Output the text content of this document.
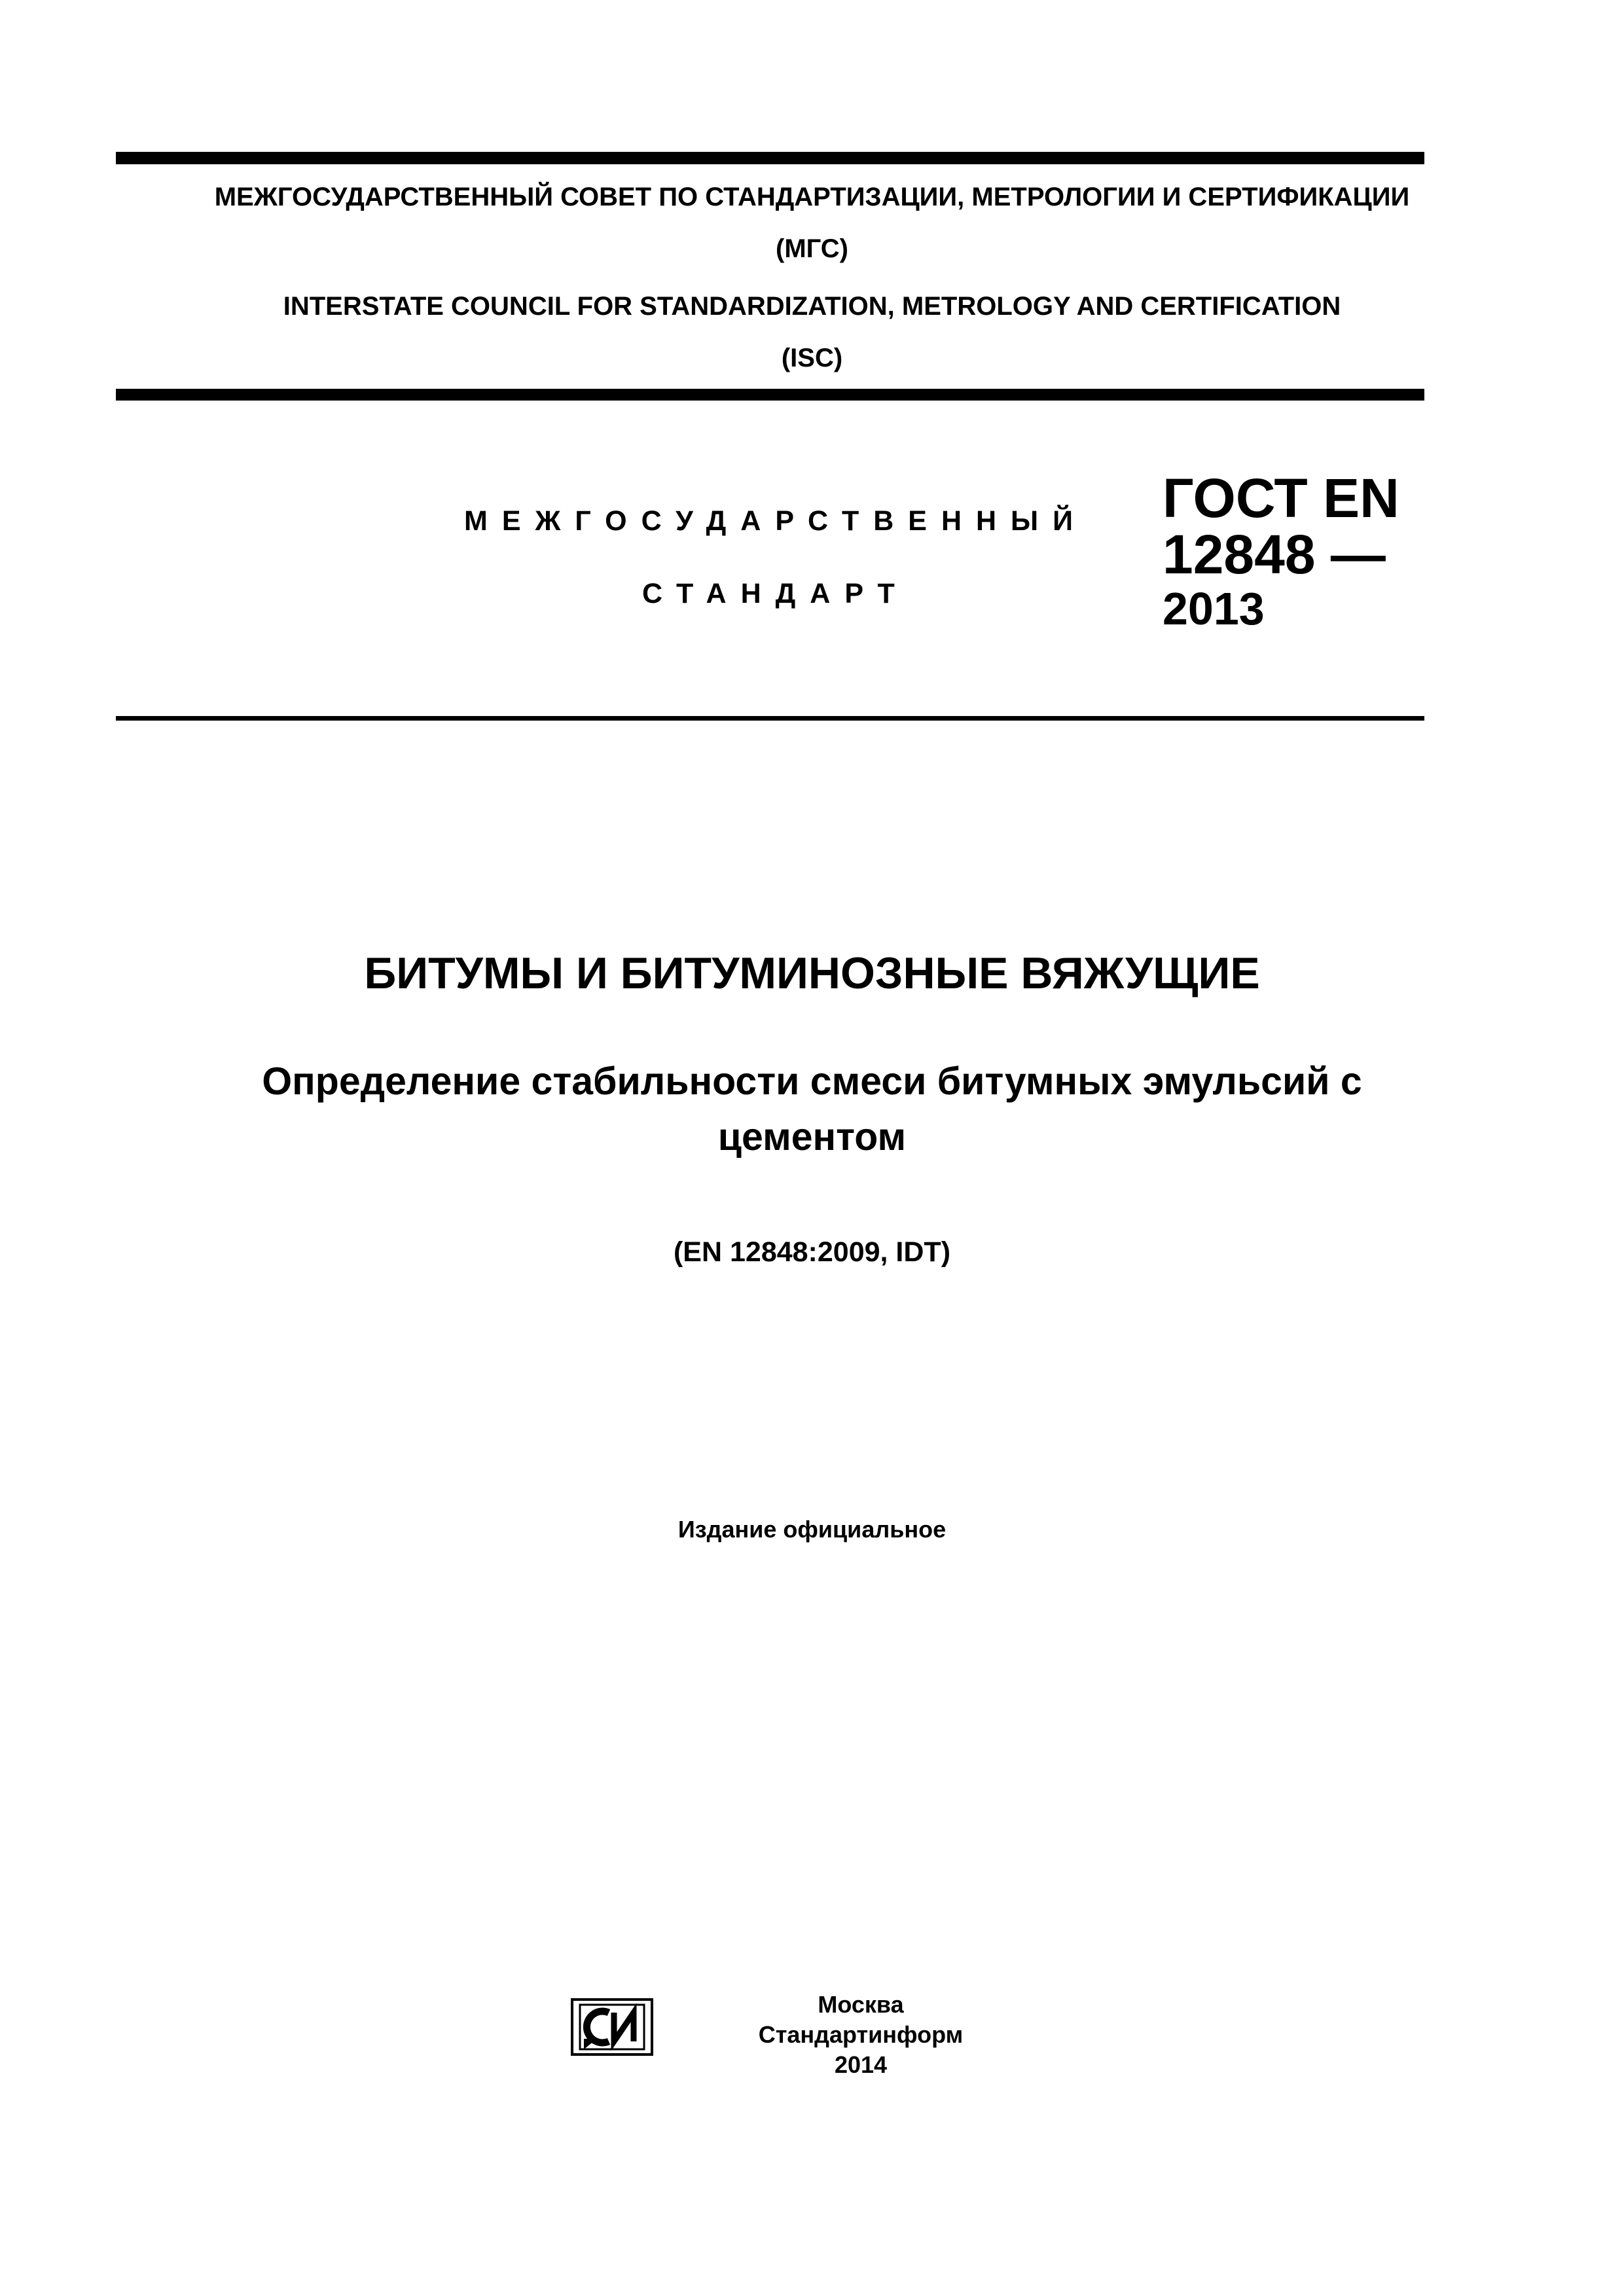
МЕЖГОСУДАРСТВЕННЫЙ СОВЕТ ПО СТАНДАРТИЗАЦИИ, МЕТРОЛОГИИ И СЕРТИФИКАЦИИ
(МГС)
INTERSTATE COUNCIL FOR STANDARDIZATION, METROLOGY AND CERTIFICATION
(ISC)
МЕЖГОСУДАРСТВЕННЫЙ
СТАНДАРТ
ГОСТ EN
12848 —
2013
БИТУМЫ И БИТУМИНОЗНЫЕ ВЯЖУЩИЕ
Определение стабильности смеси битумных эмульсий с
цементом
(EN 12848:2009, IDT)
Издание официальное
Москва
Стандартинформ
2014
